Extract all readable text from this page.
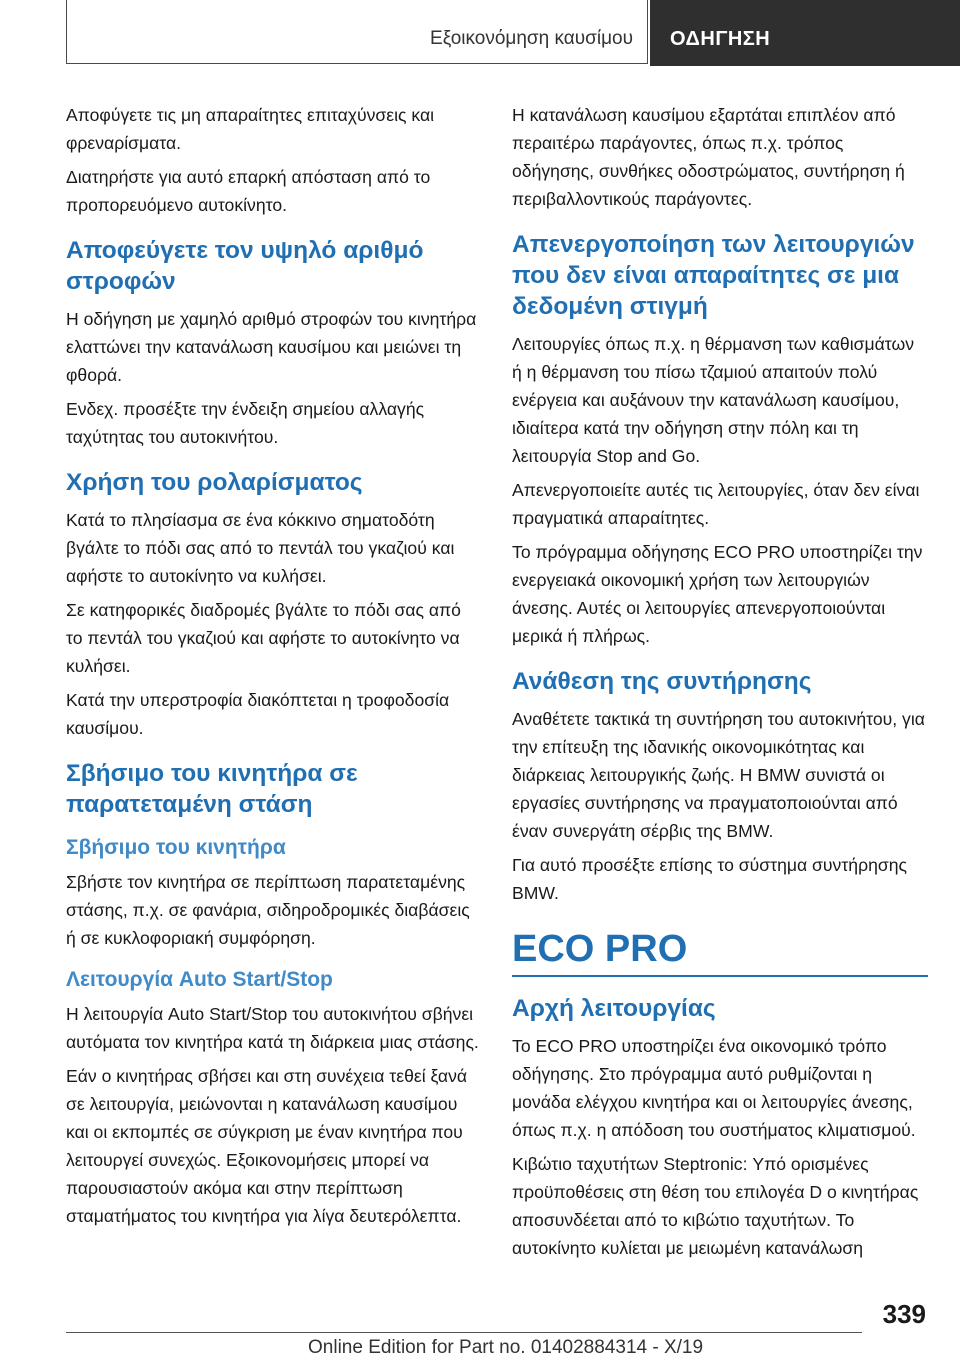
Εξοικονόμηση καυσίμου ΟΔΗΓΗΣΗ
Αποφύγετε τις μη απαραίτητες επιταχύνσεις και φρεναρίσματα.
Διατηρήστε για αυτό επαρκή απόσταση από το προπορευόμενο αυτοκίνητο.
Αποφεύγετε τον υψηλό αριθμό στροφών
Η οδήγηση με χαμηλό αριθμό στροφών του κινητήρα ελαττώνει την κατανάλωση καυσίμου και μειώνει τη φθορά.
Ενδεχ. προσέξτε την ένδειξη σημείου αλλαγής ταχύτητας του αυτοκινήτου.
Χρήση του ρολαρίσματος
Κατά το πλησίασμα σε ένα κόκκινο σηματοδότη βγάλτε το πόδι σας από το πεντάλ του γκαζιού και αφήστε το αυτοκίνητο να κυλήσει.
Σε κατηφορικές διαδρομές βγάλτε το πόδι σας από το πεντάλ του γκαζιού και αφήστε το αυτοκίνητο να κυλήσει.
Κατά την υπερστροφία διακόπτεται η τροφοδοσία καυσίμου.
Σβήσιμο του κινητήρα σε παρατεταμένη στάση
Σβήσιμο του κινητήρα
Σβήστε τον κινητήρα σε περίπτωση παρατεταμένης στάσης, π.χ. σε φανάρια, σιδηροδρομικές διαβάσεις ή σε κυκλοφοριακή συμφόρηση.
Λειτουργία Auto Start/Stop
Η λειτουργία Auto Start/Stop του αυτοκινήτου σβήνει αυτόματα τον κινητήρα κατά τη διάρκεια μιας στάσης.
Εάν ο κινητήρας σβήσει και στη συνέχεια τεθεί ξανά σε λειτουργία, μειώνονται η κατανάλωση καυσίμου και οι εκπομπές σε σύγκριση με έναν κινητήρα που λειτουργεί συνεχώς. Εξοικονομήσεις μπορεί να παρουσιαστούν ακόμα και στην περίπτωση σταματήματος του κινητήρα για λίγα δευτερόλεπτα.
Η κατανάλωση καυσίμου εξαρτάται επιπλέον από περαιτέρω παράγοντες, όπως π.χ. τρόπος οδήγησης, συνθήκες οδοστρώματος, συντήρηση ή περιβαλλοντικούς παράγοντες.
Απενεργοποίηση των λειτουργιών που δεν είναι απαραίτητες σε μια δεδομένη στιγμή
Λειτουργίες όπως π.χ. η θέρμανση των καθισμάτων ή η θέρμανση του πίσω τζαμιού απαιτούν πολύ ενέργεια και αυξάνουν την κατανάλωση καυσίμου, ιδιαίτερα κατά την οδήγηση στην πόλη και τη λειτουργία Stop and Go.
Απενεργοποιείτε αυτές τις λειτουργίες, όταν δεν είναι πραγματικά απαραίτητες.
Το πρόγραμμα οδήγησης ECO PRO υποστηρίζει την ενεργειακά οικονομική χρήση των λειτουργιών άνεσης. Αυτές οι λειτουργίες απενεργοποιούνται μερικά ή πλήρως.
Ανάθεση της συντήρησης
Αναθέτετε τακτικά τη συντήρηση του αυτοκινήτου, για την επίτευξη της ιδανικής οικονομικότητας και διάρκειας λειτουργικής ζωής. Η BMW συνιστά οι εργασίες συντήρησης να πραγματοποιούνται από έναν συνεργάτη σέρβις της BMW.
Για αυτό προσέξτε επίσης το σύστημα συντήρησης BMW.
ECO PRO
Αρχή λειτουργίας
Το ECO PRO υποστηρίζει ένα οικονομικό τρόπο οδήγησης. Στο πρόγραμμα αυτό ρυθμίζονται η μονάδα ελέγχου κινητήρα και οι λειτουργίες άνεσης, όπως π.χ. η απόδοση του συστήματος κλιματισμού.
Κιβώτιο ταχυτήτων Steptronic: Υπό ορισμένες προϋποθέσεις στη θέση του επιλογέα D ο κινητήρας αποσυνδέεται από το κιβώτιο ταχυτήτων. Το αυτοκίνητο κυλίεται με μειωμένη κατανάλωση
339
Online Edition for Part no. 01402884314 - X/19
